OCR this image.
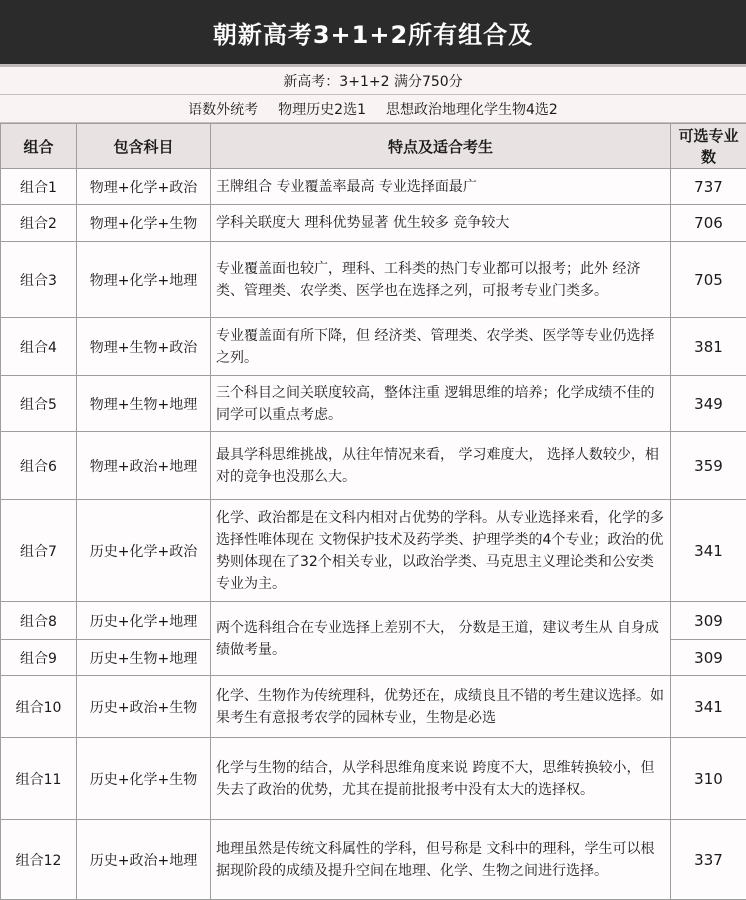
朝新高考3+1+2所有组合及
新高考：3+1+2 满分750分
语数外统考 物理历史2选1 思想政治地理化学生物4选2
组合	包含科目	特点及适合考生	可选专业数
组合1	物理+化学+政治	王牌组合 专业覆盖率最高 专业选择面最广	737
组合2	物理+化学+生物	学科关联度大 理科优势显著 优生较多 竞争较大	706
组合3	物理+化学+地理	专业覆盖面也较广，理科、工科类的热门专业都可以报考；此外 经济类、管理类、农学类、医学也在选择之列，可报考专业门类多。	705
组合4	物理+生物+政治	专业覆盖面有所下降，但 经济类、管理类、农学类、医学等专业仍选择之列。	381
组合5	物理+生物+地理	三个科目之间关联度较高，整体注重 逻辑思维的培养；化学成绩不佳的同学可以重点考虑。	349
组合6	物理+政治+地理	最具学科思维挑战，从往年情况来看， 学习难度大， 选择人数较少，相对的竞争也没那么大。	359
组合7	历史+化学+政治	化学、政治都是在文科内相对占优势的学科。从专业选择来看，化学的多选择性唯体现在 文物保护技术及药学类、护理学类的4个专业；政治的优势则体现在了32个相关专业，以政治学类、马克思主义理论类和公安类专业为主。	341
组合8	历史+化学+地理	两个选科组合在专业选择上差别不大， 分数是王道，建议考生从 自身成绩做考量。	309
组合9	历史+生物+地理		309
组合10	历史+政治+生物	化学、生物作为传统理科，优势还在，成绩良且不错的考生建议选择。如果考生有意报考农学的园林专业，生物是必选	341
组合11	历史+化学+生物	化学与生物的结合，从学科思维角度来说 跨度不大，思维转换较小，但失去了政治的优势，尤其在提前批报考中没有太大的选择权。	310
组合12	历史+政治+地理	地理虽然是传统文科属性的学科，但号称是 文科中的理科，学生可以根据现阶段的成绩及提升空间在地理、化学、生物之间进行选择。	337
